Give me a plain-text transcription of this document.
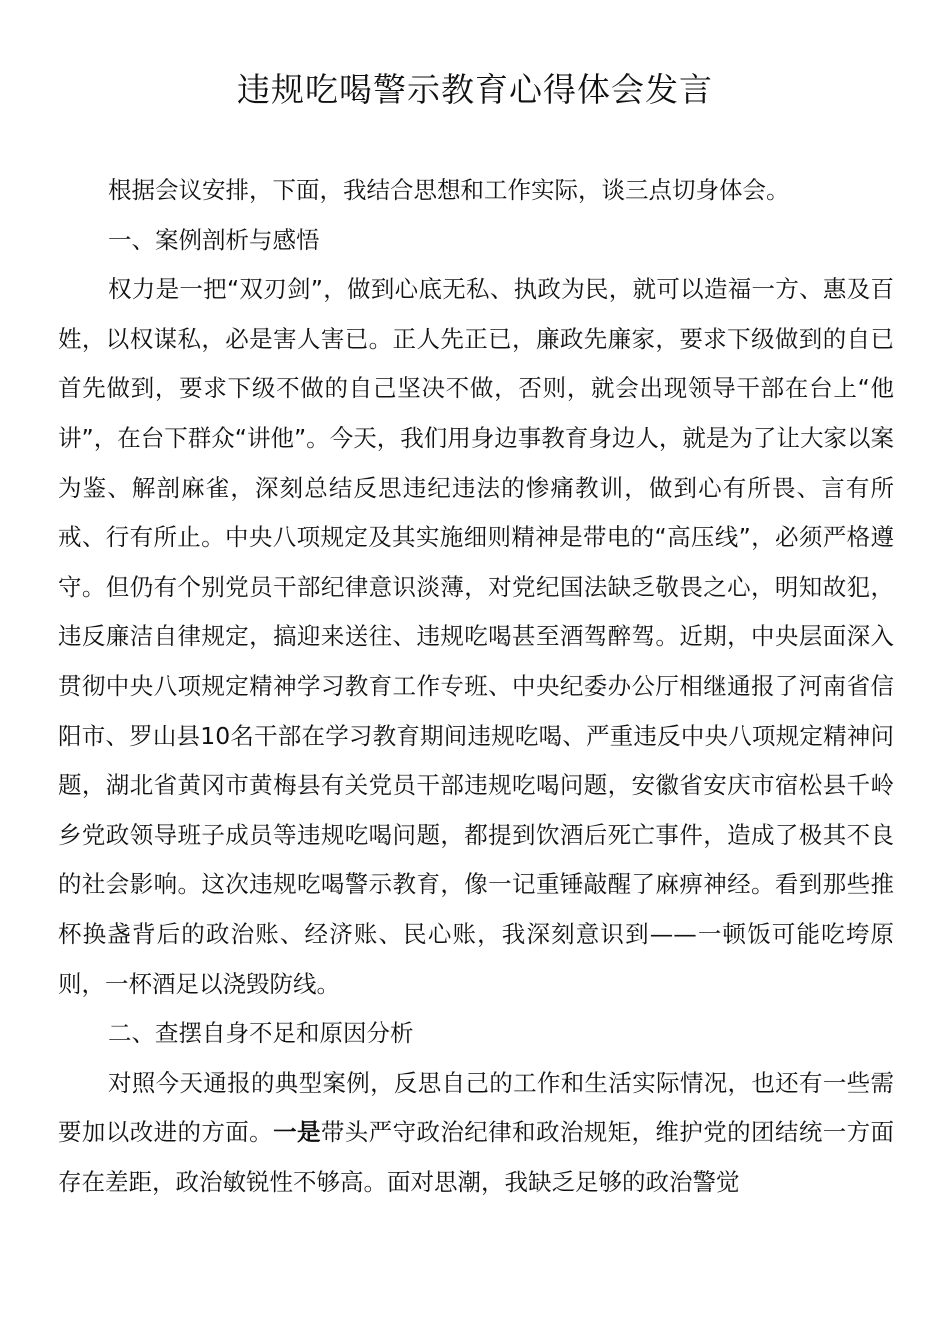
违规吃喝警示教育心得体会发言

根据会议安排，下面，我结合思想和工作实际，谈三点切身体会。

一、案例剖析与感悟

权力是一把“双刃剑”，做到心底无私、执政为民，就可以造福一方、惠及百姓，以权谋私，必是害人害已。正人先正已，廉政先廉家，要求下级做到的自已首先做到，要求下级不做的自己坚决不做，否则，就会出现领导干部在台上“他讲”，在台下群众“讲他”。今天，我们用身边事教育身边人，就是为了让大家以案为鉴、解剖麻雀，深刻总结反思违纪违法的惨痛教训，做到心有所畏、言有所戒、行有所止。中央八项规定及其实施细则精神是带电的“高压线”，必须严格遵守。但仍有个别党员干部纪律意识淡薄，对党纪国法缺乏敬畏之心，明知故犯，违反廉洁自律规定，搞迎来送往、违规吃喝甚至酒驾醉驾。近期，中央层面深入贯彻中央八项规定精神学习教育工作专班、中央纪委办公厅相继通报了河南省信阳市、罗山县10名干部在学习教育期间违规吃喝、严重违反中央八项规定精神问题，湖北省黄冈市黄梅县有关党员干部违规吃喝问题，安徽省安庆市宿松县千岭乡党政领导班子成员等违规吃喝问题，都提到饮酒后死亡事件，造成了极其不良的社会影响。这次违规吃喝警示教育，像一记重锤敲醒了麻痹神经。看到那些推杯换盏背后的政治账、经济账、民心账，我深刻意识到——一顿饭可能吃垮原则，一杯酒足以浇毁防线。

二、查摆自身不足和原因分析

对照今天通报的典型案例，反思自己的工作和生活实际情况，也还有一些需要加以改进的方面。一是带头严守政治纪律和政治规矩，维护党的团结统一方面存在差距，政治敏锐性不够高。面对思潮，我缺乏足够的政治警觉
